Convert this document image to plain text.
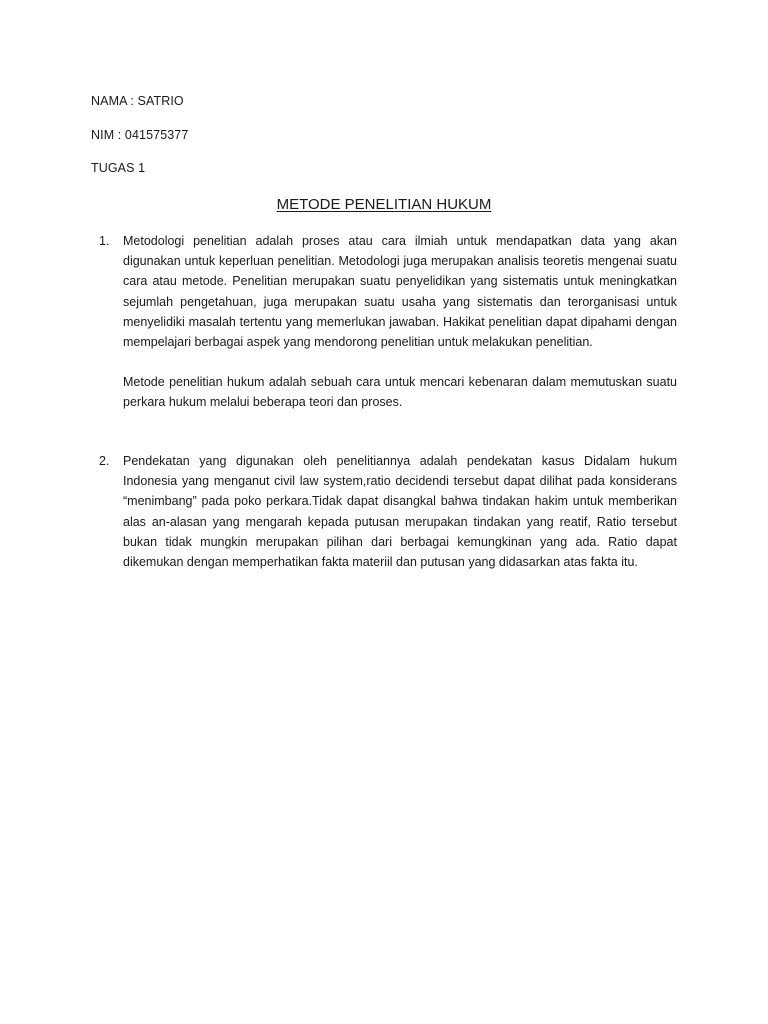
NAMA : SATRIO
NIM : 041575377
TUGAS 1
METODE PENELITIAN HUKUM
1. Metodologi penelitian adalah proses atau cara ilmiah untuk mendapatkan data yang akan digunakan untuk keperluan penelitian. Metodologi juga merupakan analisis teoretis mengenai suatu cara atau metode. Penelitian merupakan suatu penyelidikan yang sistematis untuk meningkatkan sejumlah pengetahuan, juga merupakan suatu usaha yang sistematis dan terorganisasi untuk menyelidiki masalah tertentu yang memerlukan jawaban. Hakikat penelitian dapat dipahami dengan mempelajari berbagai aspek yang mendorong penelitian untuk melakukan penelitian.

Metode penelitian hukum adalah sebuah cara untuk mencari kebenaran dalam memutuskan suatu perkara hukum melalui beberapa teori dan proses.

2. Pendekatan yang digunakan oleh penelitiannya adalah pendekatan kasus Didalam hukum Indonesia yang menganut civil law system,ratio decidendi tersebut dapat dilihat pada konsiderans “menimbang” pada poko perkara.Tidak dapat disangkal bahwa tindakan hakim untuk memberikan alas an-alasan yang mengarah kepada putusan merupakan tindakan yang reatif, Ratio tersebut bukan tidak mungkin merupakan pilihan dari berbagai kemungkinan yang ada. Ratio dapat dikemukan dengan memperhatikan fakta materiil dan putusan yang didasarkan atas fakta itu.
